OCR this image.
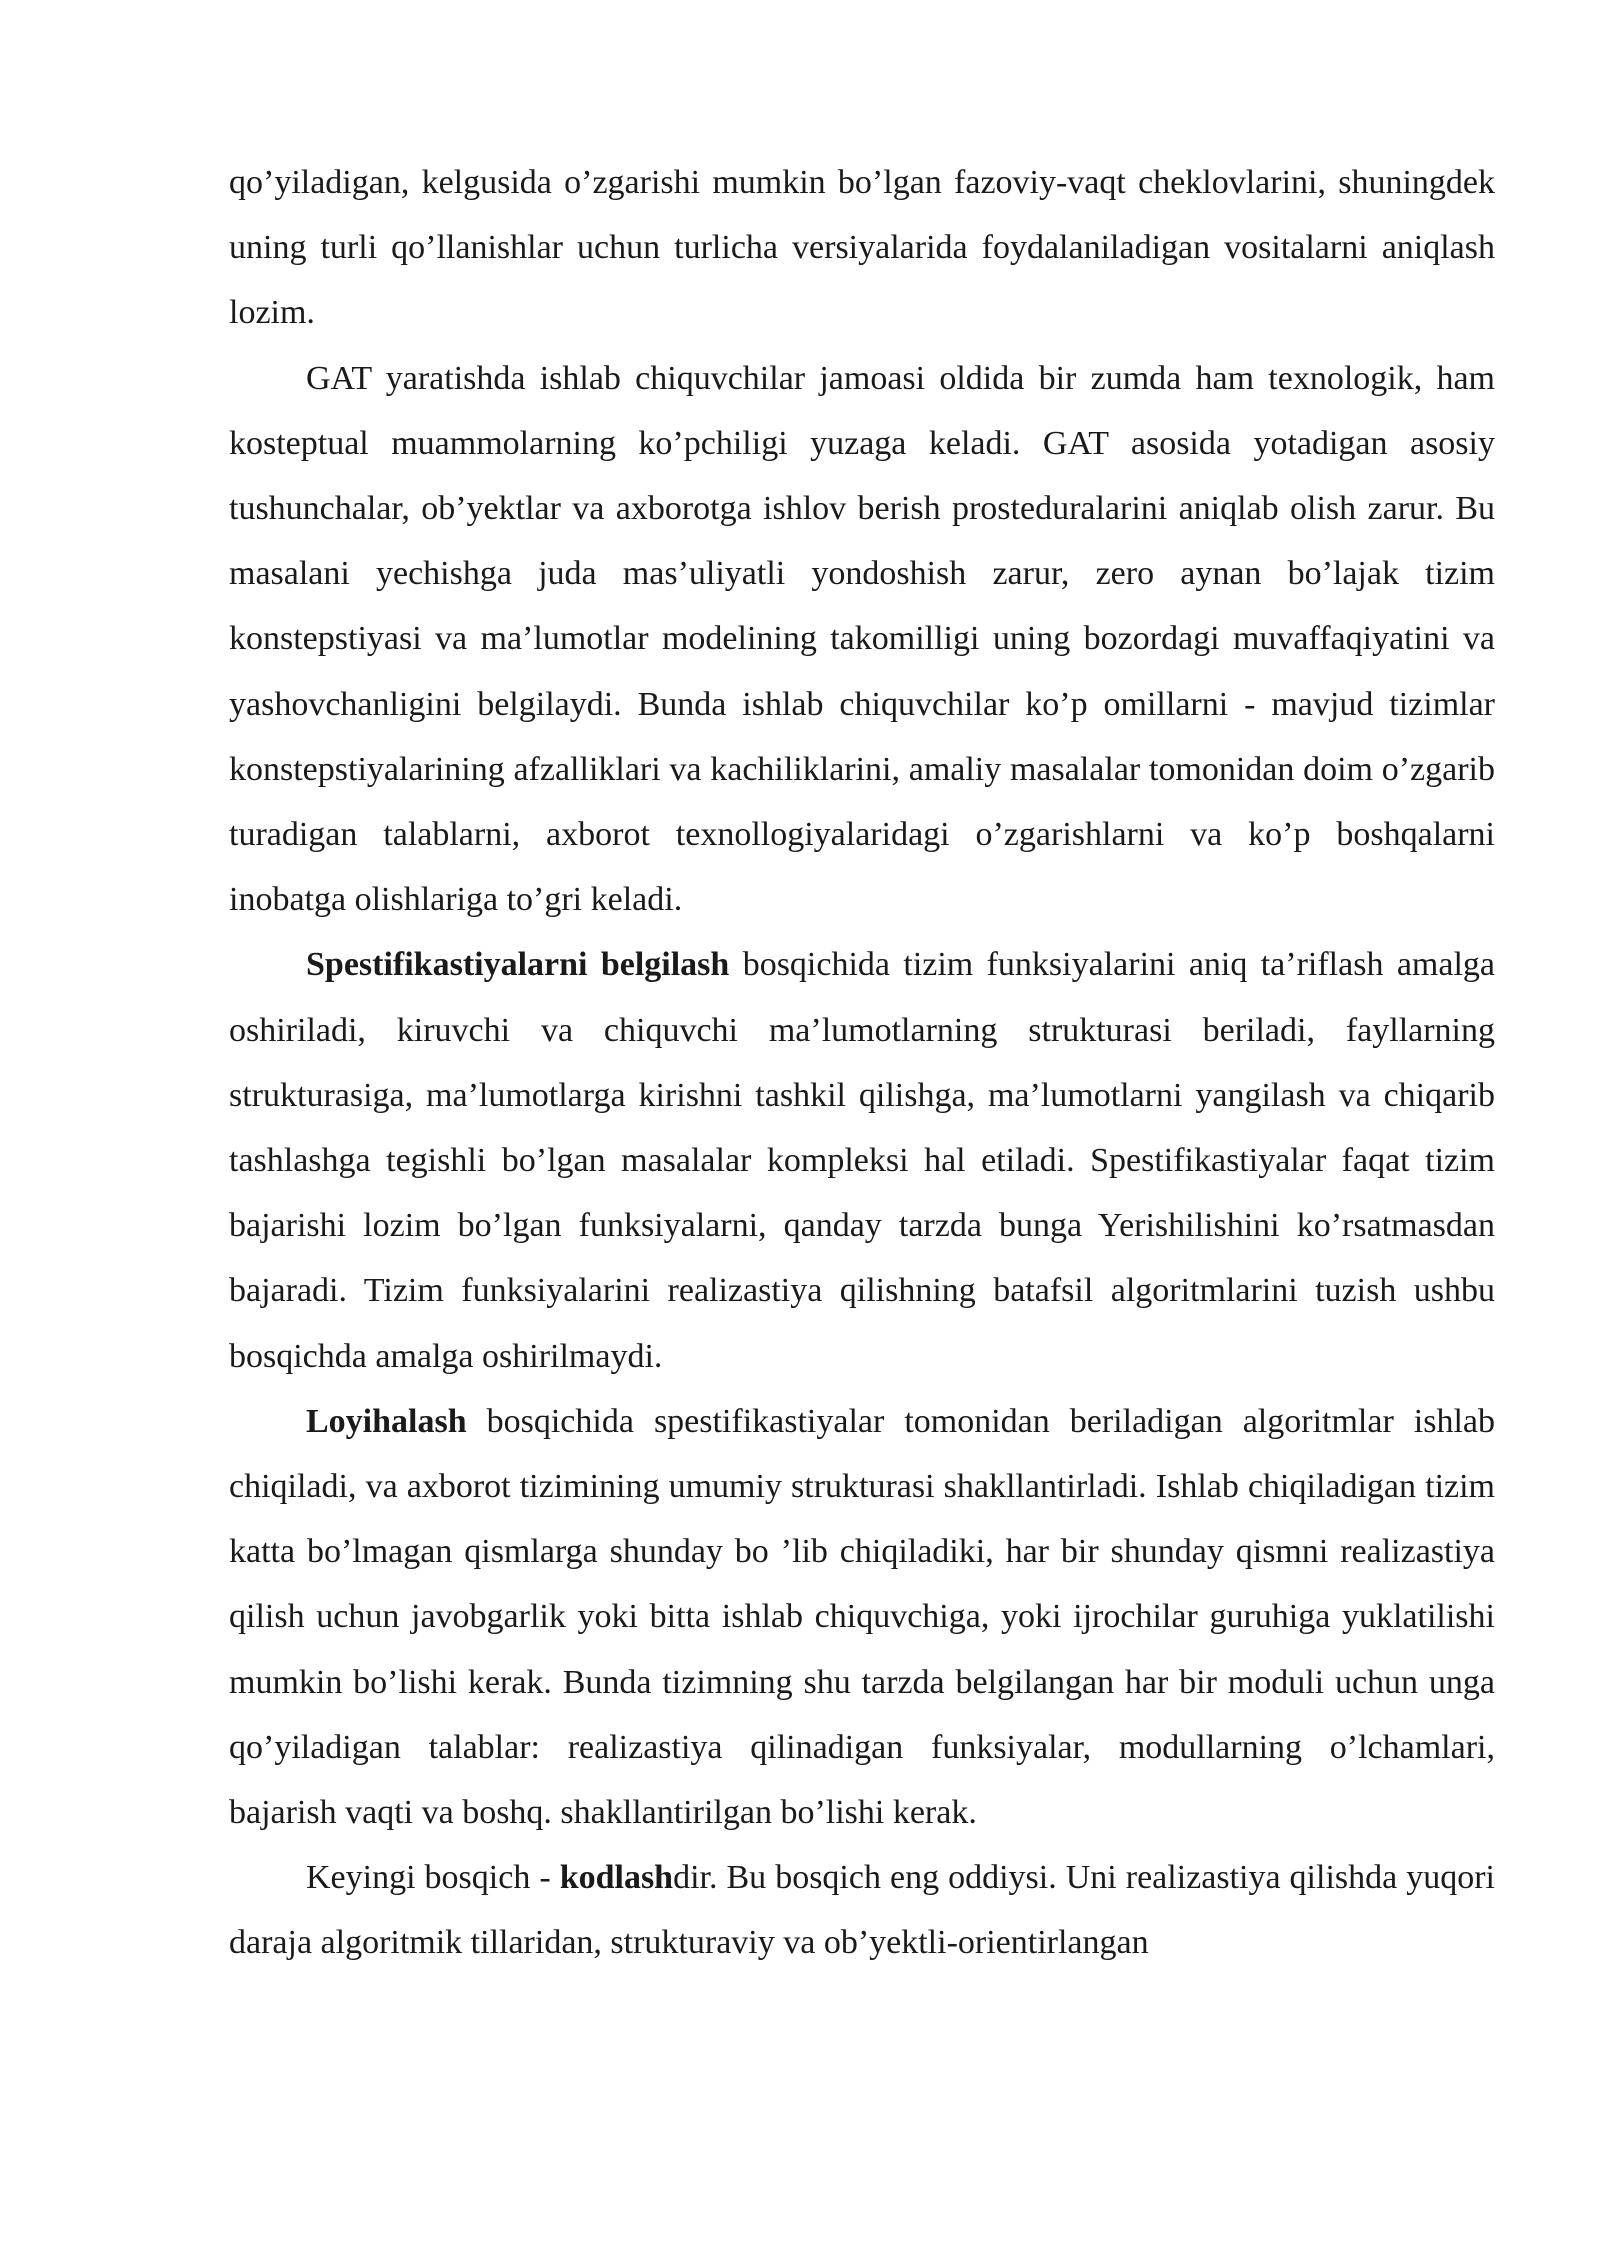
qo’yiladigan, kelgusida o’zgarishi mumkin bo’lgan fazoviy-vaqt cheklovlarini, shuningdek uning turli qo’llanishlar uchun turlicha versiyalarida foydalaniladigan vositalarni aniqlash lozim.

GAT yaratishda ishlab chiquvchilar jamoasi oldida bir zumda ham texnologik, ham kosteptual muammolarning ko’pchiligi yuzaga keladi. GAT asosida yotadigan asosiy tushunchalar, ob’yektlar va axborotga ishlov berish prosteduralarini aniqlab olish zarur. Bu masalani yechishga juda mas’uliyatli yondoshish zarur, zero aynan bo’lajak tizim konstepstiyasi va ma’lumotlar modelining takomilligi uning bozordagi muvaffaqiyatini va yashovchanligini belgilaydi. Bunda ishlab chiquvchilar ko’p omillarni - mavjud tizimlar konstepstiyalarining afzalliklari va kachiliklarini, amaliy masalalar tomonidan doim o’zgarib turadigan talablarni, axborot texnollogiyalaridagi o’zgarishlarni va ko’p boshqalarni inobatga olishlariga to’gri keladi.

Spestifikastiyalarni belgilash bosqichida tizim funksiyalarini aniq ta’riflash amalga oshiriladi, kiruvchi va chiquvchi ma’lumotlarning strukturasi beriladi, fayllarning strukturasiga, ma’lumotlarga kirishni tashkil qilishga, ma’lumotlarni yangilash va chiqarib tashlashga tegishli bo’lgan masalalar kompleksi hal etiladi. Spestifikastiyalar faqat tizim bajarishi lozim bo’lgan funksiyalarni, qanday tarzda bunga Yerishilishini ko’rsatmasdan bajaradi. Tizim funksiyalarini realizastiya qilishning batafsil algoritmlarini tuzish ushbu bosqichda amalga oshirilmaydi.

Loyihalash bosqichida spestifikastiyalar tomonidan beriladigan algoritmlar ishlab chiqiladi, va axborot tizimining umumiy strukturasi shakllantirladi. Ishlab chiqiladigan tizim katta bo’lmagan qismlarga shunday bo ’lib chiqiladiki, har bir shunday qismni realizastiya qilish uchun javobgarlik yoki bitta ishlab chiquvchiga, yoki ijrochilar guruhiga yuklatilishi mumkin bo’lishi kerak. Bunda tizimning shu tarzda belgilangan har bir moduli uchun unga qo’yiladigan talablar: realizastiya qilinadigan funksiyalar, modullarning o’lchamlari, bajarish vaqti va boshq. shakllantirilgan bo’lishi kerak.

Keyingi bosqich - kodlashdir. Bu bosqich eng oddiysi. Uni realizastiya qilishda yuqori daraja algoritmik tillaridan, strukturaviy va ob’yektli-orientirlangan
